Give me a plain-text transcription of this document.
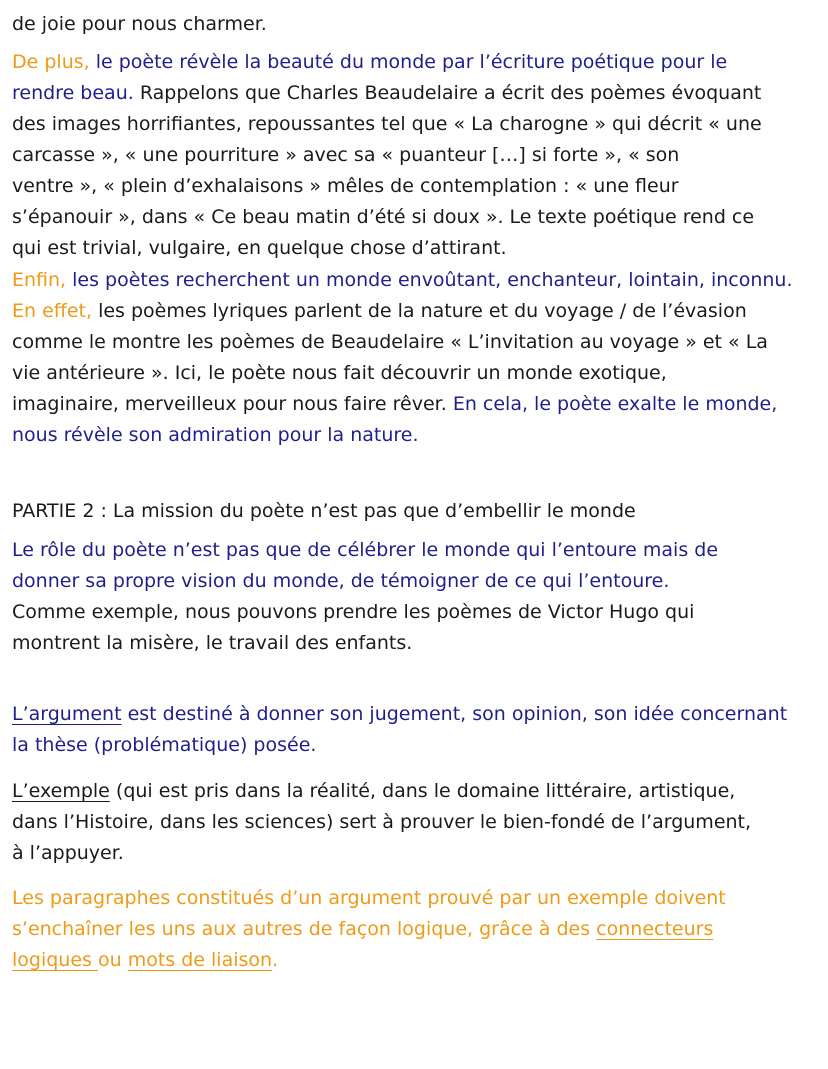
de joie pour nous charmer.
De plus, le poète révèle la beauté du monde par l’écriture poétique pour le
rendre beau. Rappelons que Charles Beaudelaire a écrit des poèmes évoquant
des images horrifiantes, repoussantes tel que « La charogne » qui décrit « une
carcasse », « une pourriture » avec sa « puanteur […] si forte », « son
ventre », « plein d’exhalaisons » mêles de contemplation : « une fleur
s’épanouir », dans « Ce beau matin d’été si doux ». Le texte poétique rend ce
qui est trivial, vulgaire, en quelque chose d’attirant.
Enfin, les poètes recherchent un monde envoûtant, enchanteur, lointain, inconnu.
En effet, les poèmes lyriques parlent de la nature et du voyage / de l’évasion
comme le montre les poèmes de Beaudelaire « L’invitation au voyage » et « La
vie antérieure ». Ici, le poète nous fait découvrir un monde exotique,
imaginaire, merveilleux pour nous faire rêver. En cela, le poète exalte le monde,
nous révèle son admiration pour la nature.
PARTIE 2 : La mission du poète n’est pas que d’embellir le monde
Le rôle du poète n’est pas que de célébrer le monde qui l’entoure mais de
donner sa propre vision du monde, de témoigner de ce qui l’entoure.
Comme exemple, nous pouvons prendre les poèmes de Victor Hugo qui
montrent la misère, le travail des enfants.
L’argument est destiné à donner son jugement, son opinion, son idée concernant
la thèse (problématique) posée.
L’exemple (qui est pris dans la réalité, dans le domaine littéraire, artistique,
dans l’Histoire, dans les sciences) sert à prouver le bien-fondé de l’argument,
à l’appuyer.
Les paragraphes constitués d’un argument prouvé par un exemple doivent
s’enchaîner les uns aux autres de façon logique, grâce à des connecteurs
logiques ou mots de liaison.
